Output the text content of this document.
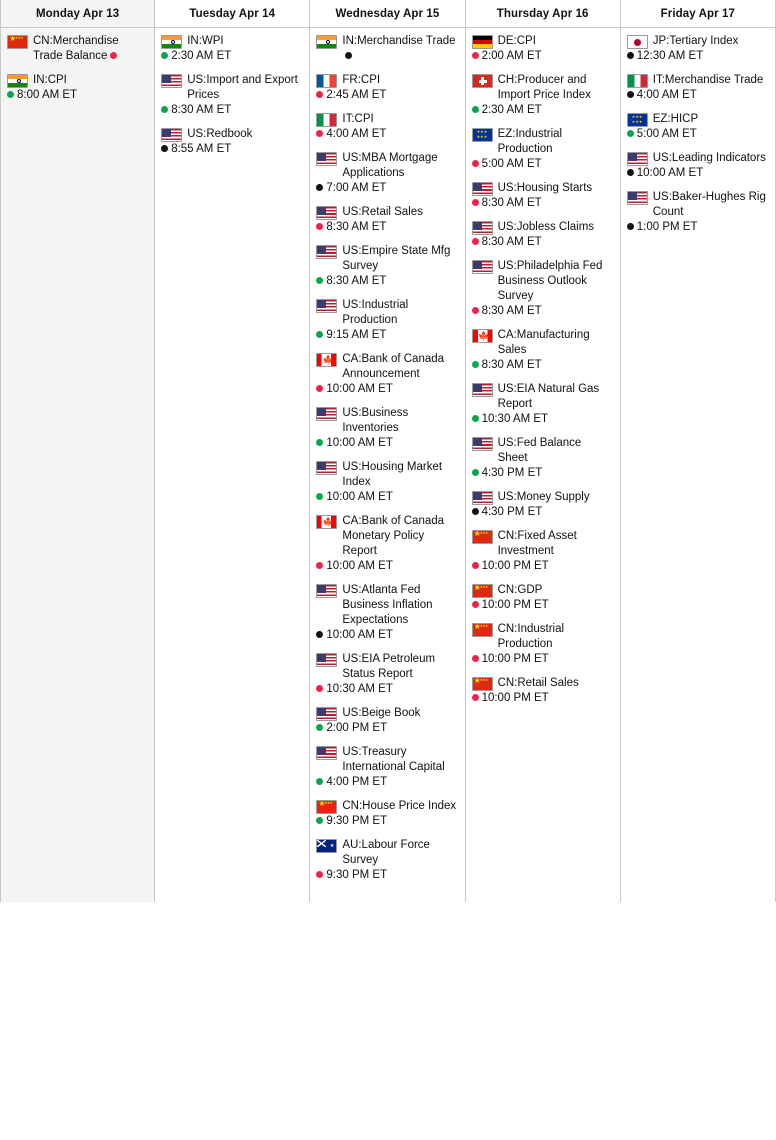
Monday Apr 13
★ ★★★
CN:Merchandise Trade Balance
IN:CPI
8:00 AM ET
Tuesday Apr 14
IN:WPI
2:30 AM ET
US:Import and Export Prices
8:30 AM ET
US:Redbook
8:55 AM ET
Wednesday Apr 15
IN:Merchandise Trade
FR:CPI
2:45 AM ET
IT:CPI
4:00 AM ET
US:MBA Mortgage Applications
7:00 AM ET
US:Retail Sales
8:30 AM ET
US:Empire State Mfg Survey
8:30 AM ET
US:Industrial Production
9:15 AM ET
🍁
CA:Bank of Canada Announcement
10:00 AM ET
US:Business Inventories
10:00 AM ET
US:Housing Market Index
10:00 AM ET
🍁
CA:Bank of Canada Monetary Policy Report
10:00 AM ET
US:Atlanta Fed Business Inflation Expectations
10:00 AM ET
US:EIA Petroleum Status Report
10:30 AM ET
US:Beige Book
2:00 PM ET
US:Treasury International Capital
4:00 PM ET
★ ★★★
CN:House Price Index
9:30 PM ET
★
AU:Labour Force Survey
9:30 PM ET
Thursday Apr 16
DE:CPI
2:00 AM ET
CH:Producer and Import Price Index
2:30 AM ET
★★★ ★★★
EZ:Industrial Production
5:00 AM ET
US:Housing Starts
8:30 AM ET
US:Jobless Claims
8:30 AM ET
US:Philadelphia Fed Business Outlook Survey
8:30 AM ET
🍁
CA:Manufacturing Sales
8:30 AM ET
US:EIA Natural Gas Report
10:30 AM ET
US:Fed Balance Sheet
4:30 PM ET
US:Money Supply
4:30 PM ET
★ ★★★
CN:Fixed Asset Investment
10:00 PM ET
★ ★★★
CN:GDP
10:00 PM ET
★ ★★★
CN:Industrial Production
10:00 PM ET
★ ★★★
CN:Retail Sales
10:00 PM ET
Friday Apr 17
JP:Tertiary Index
12:30 AM ET
IT:Merchandise Trade
4:00 AM ET
★★★ ★★★
EZ:HICP
5:00 AM ET
US:Leading Indicators
10:00 AM ET
US:Baker-Hughes Rig Count
1:00 PM ET
